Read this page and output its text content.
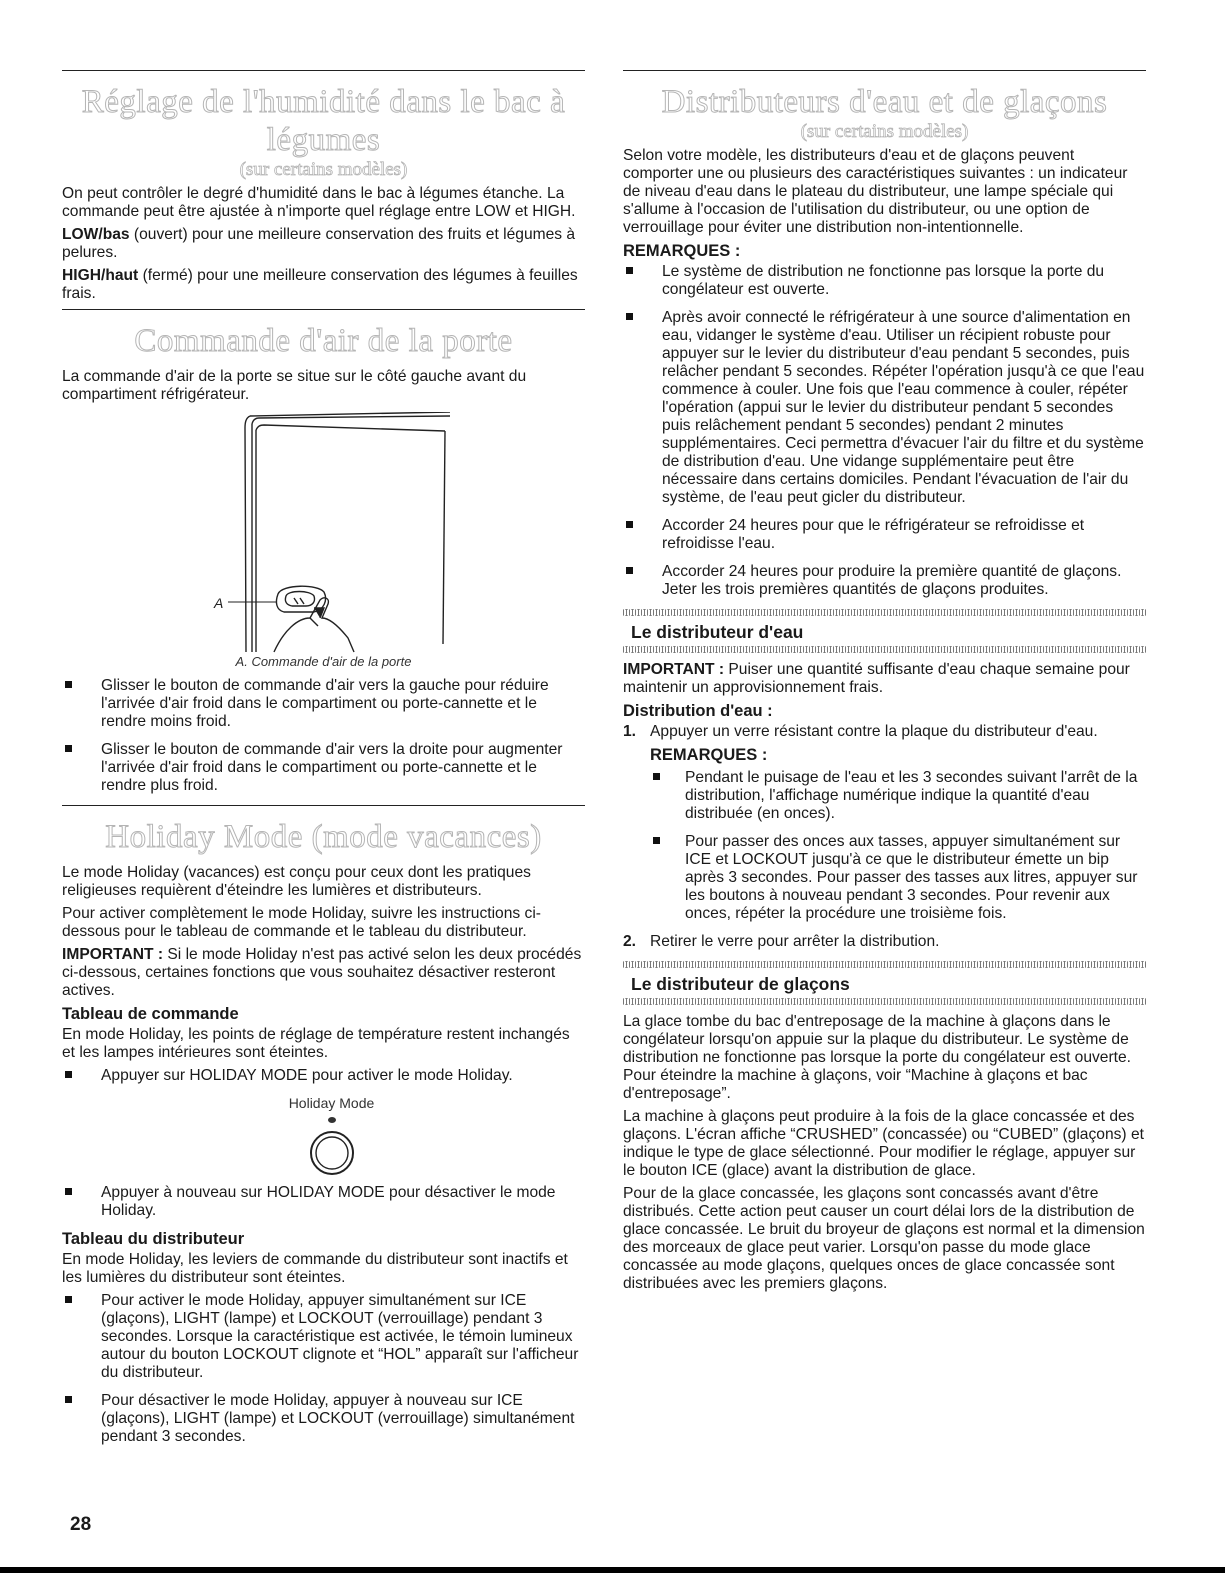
Réglage de l'humidité dans le bac à légumes
(sur certains modèles)

On peut contrôler le degré d'humidité dans le bac à légumes étanche. La commande peut être ajustée à n'importe quel réglage entre LOW et HIGH.

LOW/bas (ouvert) pour une meilleure conservation des fruits et légumes à pelures.

HIGH/haut (fermé) pour une meilleure conservation des légumes à feuilles frais.

Commande d'air de la porte

La commande d'air de la porte se situe sur le côté gauche avant du compartiment réfrigérateur.

A
A. Commande d'air de la porte
Glisser le bouton de commande d'air vers la gauche pour réduire l'arrivée d'air froid dans le compartiment ou porte-cannette et le rendre moins froid.
Glisser le bouton de commande d'air vers la droite pour augmenter l'arrivée d'air froid dans le compartiment ou porte-cannette et le rendre plus froid.
Holiday Mode (mode vacances)

Le mode Holiday (vacances) est conçu pour ceux dont les pratiques religieuses requièrent d'éteindre les lumières et distributeurs.

Pour activer complètement le mode Holiday, suivre les instructions ci-dessous pour le tableau de commande et le tableau du distributeur.

IMPORTANT : Si le mode Holiday n'est pas activé selon les deux procédés ci-dessous, certaines fonctions que vous souhaitez désactiver resteront actives.

Tableau de commande

En mode Holiday, les points de réglage de température restent inchangés et les lampes intérieures sont éteintes.

Appuyer sur HOLIDAY MODE pour activer le mode Holiday.
Holiday Mode
Appuyer à nouveau sur HOLIDAY MODE pour désactiver le mode Holiday.
Tableau du distributeur

En mode Holiday, les leviers de commande du distributeur sont inactifs et les lumières du distributeur sont éteintes.

Pour activer le mode Holiday, appuyer simultanément sur ICE (glaçons), LIGHT (lampe) et LOCKOUT (verrouillage) pendant 3 secondes. Lorsque la caractéristique est activée, le témoin lumineux autour du bouton LOCKOUT clignote et “HOL” apparaît sur l'afficheur du distributeur.
Pour désactiver le mode Holiday, appuyer à nouveau sur ICE (glaçons), LIGHT (lampe) et LOCKOUT (verrouillage) simultanément pendant 3 secondes.
Distributeurs d'eau et de glaçons
(sur certains modèles)

Selon votre modèle, les distributeurs d'eau et de glaçons peuvent comporter une ou plusieurs des caractéristiques suivantes : un indicateur de niveau d'eau dans le plateau du distributeur, une lampe spéciale qui s'allume à l'occasion de l'utilisation du distributeur, ou une option de verrouillage pour éviter une distribution non-intentionnelle.

REMARQUES :
Le système de distribution ne fonctionne pas lorsque la porte du congélateur est ouverte.
Après avoir connecté le réfrigérateur à une source d'alimentation en eau, vidanger le système d'eau. Utiliser un récipient robuste pour appuyer sur le levier du distributeur d'eau pendant 5 secondes, puis relâcher pendant 5 secondes. Répéter l'opération jusqu'à ce que l'eau commence à couler. Une fois que l'eau commence à couler, répéter l'opération (appui sur le levier du distributeur pendant 5 secondes puis relâchement pendant 5 secondes) pendant 2 minutes supplémentaires. Ceci permettra d'évacuer l'air du filtre et du système de distribution d'eau. Une vidange supplémentaire peut être nécessaire dans certains domiciles. Pendant l'évacuation de l'air du système, de l'eau peut gicler du distributeur.
Accorder 24 heures pour que le réfrigérateur se refroidisse et refroidisse l'eau.
Accorder 24 heures pour produire la première quantité de glaçons. Jeter les trois premières quantités de glaçons produites.
Le distributeur d'eau

IMPORTANT : Puiser une quantité suffisante d'eau chaque semaine pour maintenir un approvisionnement frais.

Distribution d'eau :
1. Appuyer un verre résistant contre la plaque du distributeur d'eau.
REMARQUES :
Pendant le puisage de l'eau et les 3 secondes suivant l'arrêt de la distribution, l'affichage numérique indique la quantité d'eau distribuée (en onces).
Pour passer des onces aux tasses, appuyer simultanément sur ICE et LOCKOUT jusqu'à ce que le distributeur émette un bip après 3 secondes. Pour passer des tasses aux litres, appuyer sur les boutons à nouveau pendant 3 secondes. Pour revenir aux onces, répéter la procédure une troisième fois.
2. Retirer le verre pour arrêter la distribution.
Le distributeur de glaçons

La glace tombe du bac d'entreposage de la machine à glaçons dans le congélateur lorsqu'on appuie sur la plaque du distributeur. Le système de distribution ne fonctionne pas lorsque la porte du congélateur est ouverte. Pour éteindre la machine à glaçons, voir “Machine à glaçons et bac d'entreposage”.

La machine à glaçons peut produire à la fois de la glace concassée et des glaçons. L'écran affiche “CRUSHED” (concassée) ou “CUBED” (glaçons) et indique le type de glace sélectionné. Pour modifier le réglage, appuyer sur le bouton ICE (glace) avant la distribution de glace.

Pour de la glace concassée, les glaçons sont concassés avant d'être distribués. Cette action peut causer un court délai lors de la distribution de glace concassée. Le bruit du broyeur de glaçons est normal et la dimension des morceaux de glace peut varier. Lorsqu'on passe du mode glace concassée au mode glaçons, quelques onces de glace concassée sont distribuées avec les premiers glaçons.

28
